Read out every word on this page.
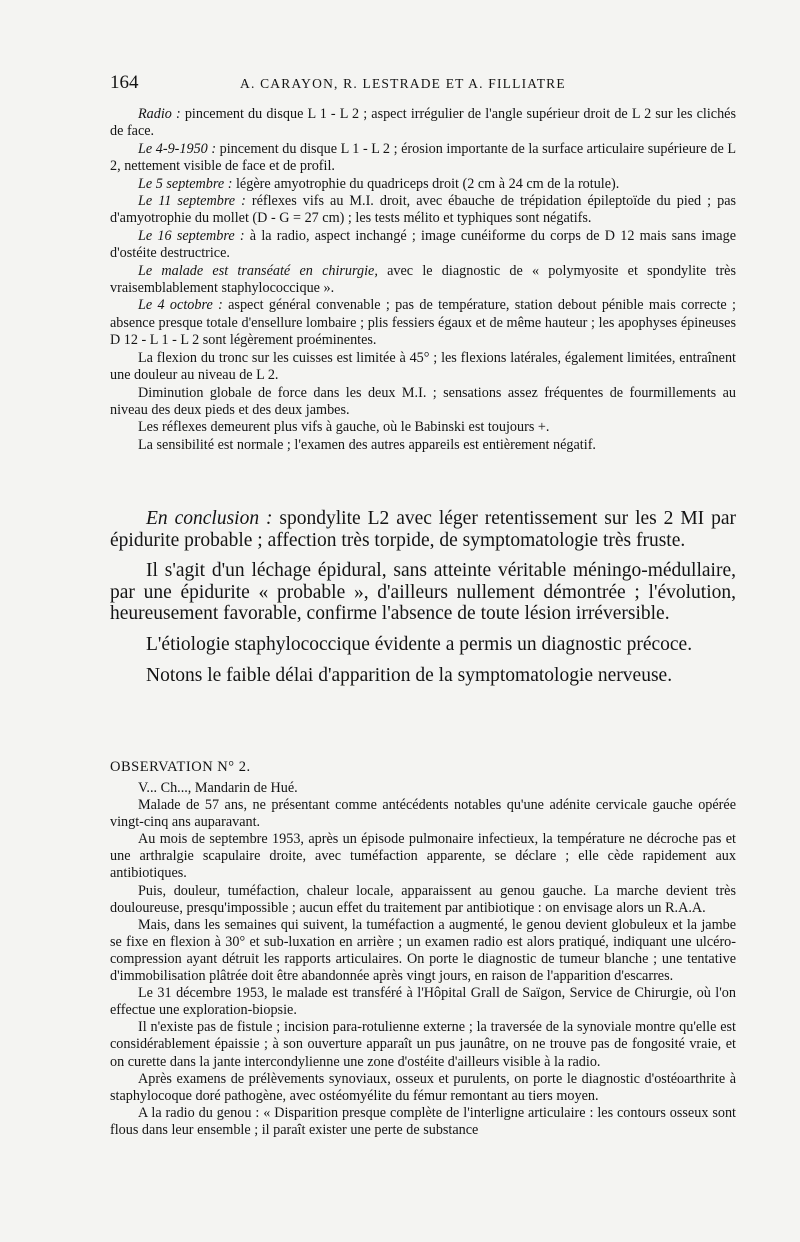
164	A. CARAYON, R. LESTRADE ET A. FILLIATRE

Radio : pincement du disque L 1 - L 2 ; aspect irrégulier de l'angle supérieur droit de L 2 sur les clichés de face.

Le 4-9-1950 : pincement du disque L 1 - L 2 ; érosion importante de la surface articulaire supérieure de L 2, nettement visible de face et de profil.

Le 5 septembre : légère amyotrophie du quadriceps droit (2 cm à 24 cm de la rotule).

Le 11 septembre : réflexes vifs au M.I. droit, avec ébauche de trépidation épileptoïde du pied ; pas d'amyotrophie du mollet (D - G = 27 cm) ; les tests mélito et typhiques sont négatifs.

Le 16 septembre : à la radio, aspect inchangé ; image cunéiforme du corps de D 12 mais sans image d'ostéite destructrice.

Le malade est transéaté en chirurgie, avec le diagnostic de « polymyosite et spondylite très vraisemblablement staphylococcique ».

Le 4 octobre : aspect général convenable ; pas de température, station debout pénible mais correcte ; absence presque totale d'ensellure lombaire ; plis fessiers égaux et de même hauteur ; les apophyses épineuses D 12 - L 1 - L 2 sont légèrement proéminentes.

La flexion du tronc sur les cuisses est limitée à 45° ; les flexions latérales, également limitées, entraînent une douleur au niveau de L 2.

Diminution globale de force dans les deux M.I. ; sensations assez fréquentes de fourmillements au niveau des deux pieds et des deux jambes.

Les réflexes demeurent plus vifs à gauche, où le Babinski est toujours +.

La sensibilité est normale ; l'examen des autres appareils est entièrement négatif.

En conclusion : spondylite L2 avec léger retentissement sur les 2 MI par épidurite probable ; affection très torpide, de symptomatologie très fruste.

Il s'agit d'un léchage épidural, sans atteinte véritable méningo-médullaire, par une épidurite « probable », d'ailleurs nullement démontrée ; l'évolution, heureusement favorable, confirme l'absence de toute lésion irréversible.

L'étiologie staphylococcique évidente a permis un diagnostic précoce.

Notons le faible délai d'apparition de la symptomatologie nerveuse.

OBSERVATION N° 2.

V... Ch..., Mandarin de Hué.

Malade de 57 ans, ne présentant comme antécédents notables qu'une adénite cervicale gauche opérée vingt-cinq ans auparavant.

Au mois de septembre 1953, après un épisode pulmonaire infectieux, la température ne décroche pas et une arthralgie scapulaire droite, avec tuméfaction apparente, se déclare ; elle cède rapidement aux antibiotiques.

Puis, douleur, tuméfaction, chaleur locale, apparaissent au genou gauche. La marche devient très douloureuse, presqu'impossible ; aucun effet du traitement par antibiotique : on envisage alors un R.A.A.

Mais, dans les semaines qui suivent, la tuméfaction a augmenté, le genou devient globuleux et la jambe se fixe en flexion à 30° et sub-luxation en arrière ; un examen radio est alors pratiqué, indiquant une ulcéro-compression ayant détruit les rapports articulaires. On porte le diagnostic de tumeur blanche ; une tentative d'immobilisation plâtrée doit être abandonnée après vingt jours, en raison de l'apparition d'escarres.

Le 31 décembre 1953, le malade est transféré à l'Hôpital Grall de Saïgon, Service de Chirurgie, où l'on effectue une exploration-biopsie.

Il n'existe pas de fistule ; incision para-rotulienne externe ; la traversée de la synoviale montre qu'elle est considérablement épaissie ; à son ouverture apparaît un pus jaunâtre, on ne trouve pas de fongosité vraie, et on curette dans la jante intercondylienne une zone d'ostéite d'ailleurs visible à la radio.

Après examens de prélèvements synoviaux, osseux et purulents, on porte le diagnostic d'ostéoarthrite à staphylocoque doré pathogène, avec ostéomyélite du fémur remontant au tiers moyen.

A la radio du genou : « Disparition presque complète de l'interligne articulaire : les contours osseux sont flous dans leur ensemble ; il paraît exister une perte de substance
